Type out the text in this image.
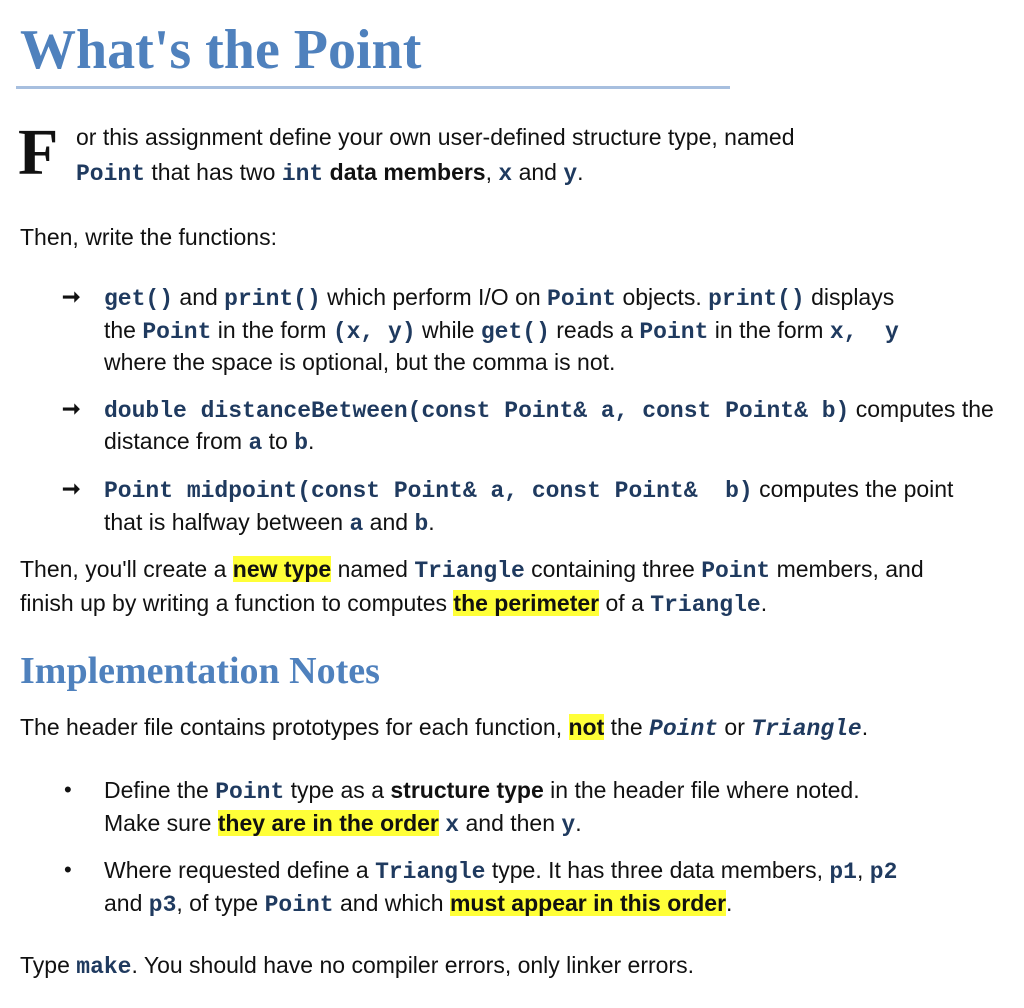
What's the Point
F or this assignment define your own user-defined structure type, named
Point that has two int data members, x and y.
Then, write the functions:
➞ get() and print() which perform I/O on Point objects. print() displays
the Point in the form (x, y) while get() reads a Point in the form x,  y
where the space is optional, but the comma is not.
➞ double distanceBetween(const Point& a, const Point& b) computes the
distance from a to b.
➞ Point midpoint(const Point& a, const Point&  b) computes the point
that is halfway between a and b.
Then, you'll create a new type named Triangle containing three Point members, and
finish up by writing a function to computes the perimeter of a Triangle.
Implementation Notes
The header file contains prototypes for each function, not the Point or Triangle.
• Define the Point type as a structure type in the header file where noted.
Make sure they are in the order x and then y.
• Where requested define a Triangle type. It has three data members, p1, p2
and p3, of type Point and which must appear in this order.
Type make. You should have no compiler errors, only linker errors.
